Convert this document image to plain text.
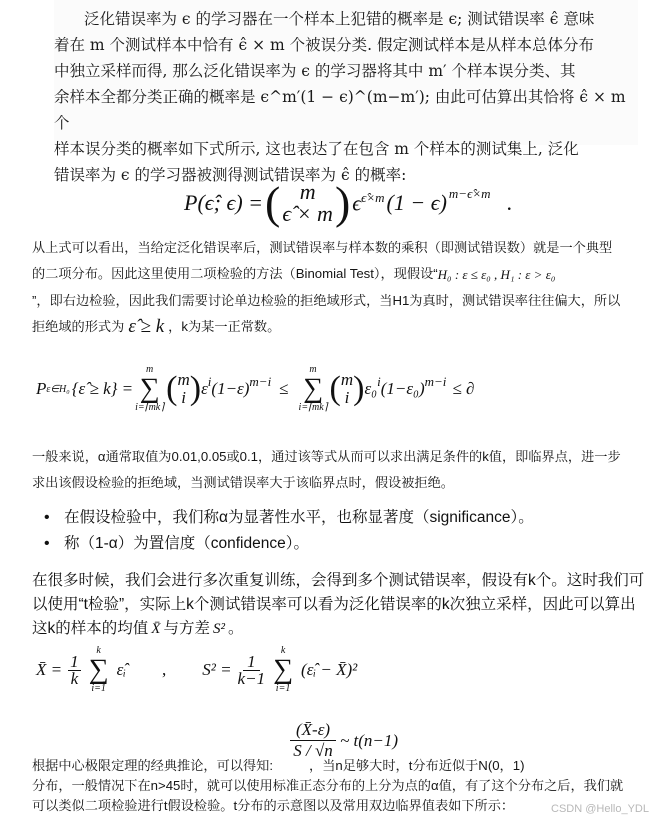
泛化错误率为 ϵ 的学习器在一个样本上犯错的概率是 ϵ; 测试错误率 ϵ̂ 意味

着在 m 个测试样本中恰有 ϵ̂ × m 个被误分类. 假定测试样本是从样本总体分布
中独立采样而得, 那么泛化错误率为 ϵ 的学习器将其中 m′ 个样本误分类、其
余样本全都分类正确的概率是 ϵ^m′(1 − ϵ)^(m−m′); 由此可估算出其恰将 ϵ̂ × m 个
样本误分类的概率如下式所示, 这也表达了在包含 m 个样本的测试集上, 泛化
错误率为 ϵ 的学习器被测得测试错误率为 ϵ̂ 的概率:
P(ϵ̂; ϵ) = ( m
ϵ̂ × m ) $\epsilon^{\epsilon̂\times m}$ (1 − ϵ) m−ϵ̂×m .
从上式可以看出，当给定泛化错误率后，测试错误率与样本数的乘积（即测试错误数）就是一个典型
的二项分布。因此这里使用二项检验的方法（Binomial Test），现假设“H₀ : ε ≤ ε₀ , H₁ : ε > ε₀
”，即右边检验，因此我们需要讨论单边检验的拒绝域形式，当H1为真时，测试错误率往往偏大，所以
拒绝域的形式为 ε̂ ≥ k ，k为某一正常数。
P ε∈H₀ {ε̂ ≥ k} =
m
∑
i=⌈mk⌉
( m
i ) ε i (1−ε) m−i ≤
m
∑
i=⌈mk⌉
( m
i ) ε₀ i (1−ε₀) m−i ≤ ∂
一般来说，α通常取值为0.01,0.05或0.1，通过该等式从而可以求出满足条件的k值，即临界点，进一步
求出该假设检验的拒绝域，当测试错误率大于该临界点时，假设被拒绝。
• 在假设检验中，我们称α为显著性水平，也称显著度（significance）。
• 称（1-α）为置信度（confidence）。
在很多时候，我们会进行多次重复训练，会得到多个测试错误率，假设有k个。这时我们可
以使用“t检验”，实际上k个测试错误率可以看为泛化错误率的k次独立采样，因此可以算出
这k的样本的均值 X̄ 与方差 S² 。
X̄ = $\frac{1}{k}$
k
∑
i=1
ε̂ᵢ , $S^2 = \frac{1}{k-1}$
k
∑
i=1
(ε̂ᵢ − X̄)²
$\frac{(X̄-\varepsilon)}{S / √n}$ ~ t(n−1)
根据中心极限定理的经典推论，可以得知:	，当n足够大时，t分布近似于N(0，1)
分布，一般情况下在n>45时，就可以使用标准正态分布的上分为点的α值，有了这个分布之后，我们就
可以类似二项检验进行t假设检验。t分布的示意图以及常用双边临界值表如下所示：	CSDN @Hello_YDL
